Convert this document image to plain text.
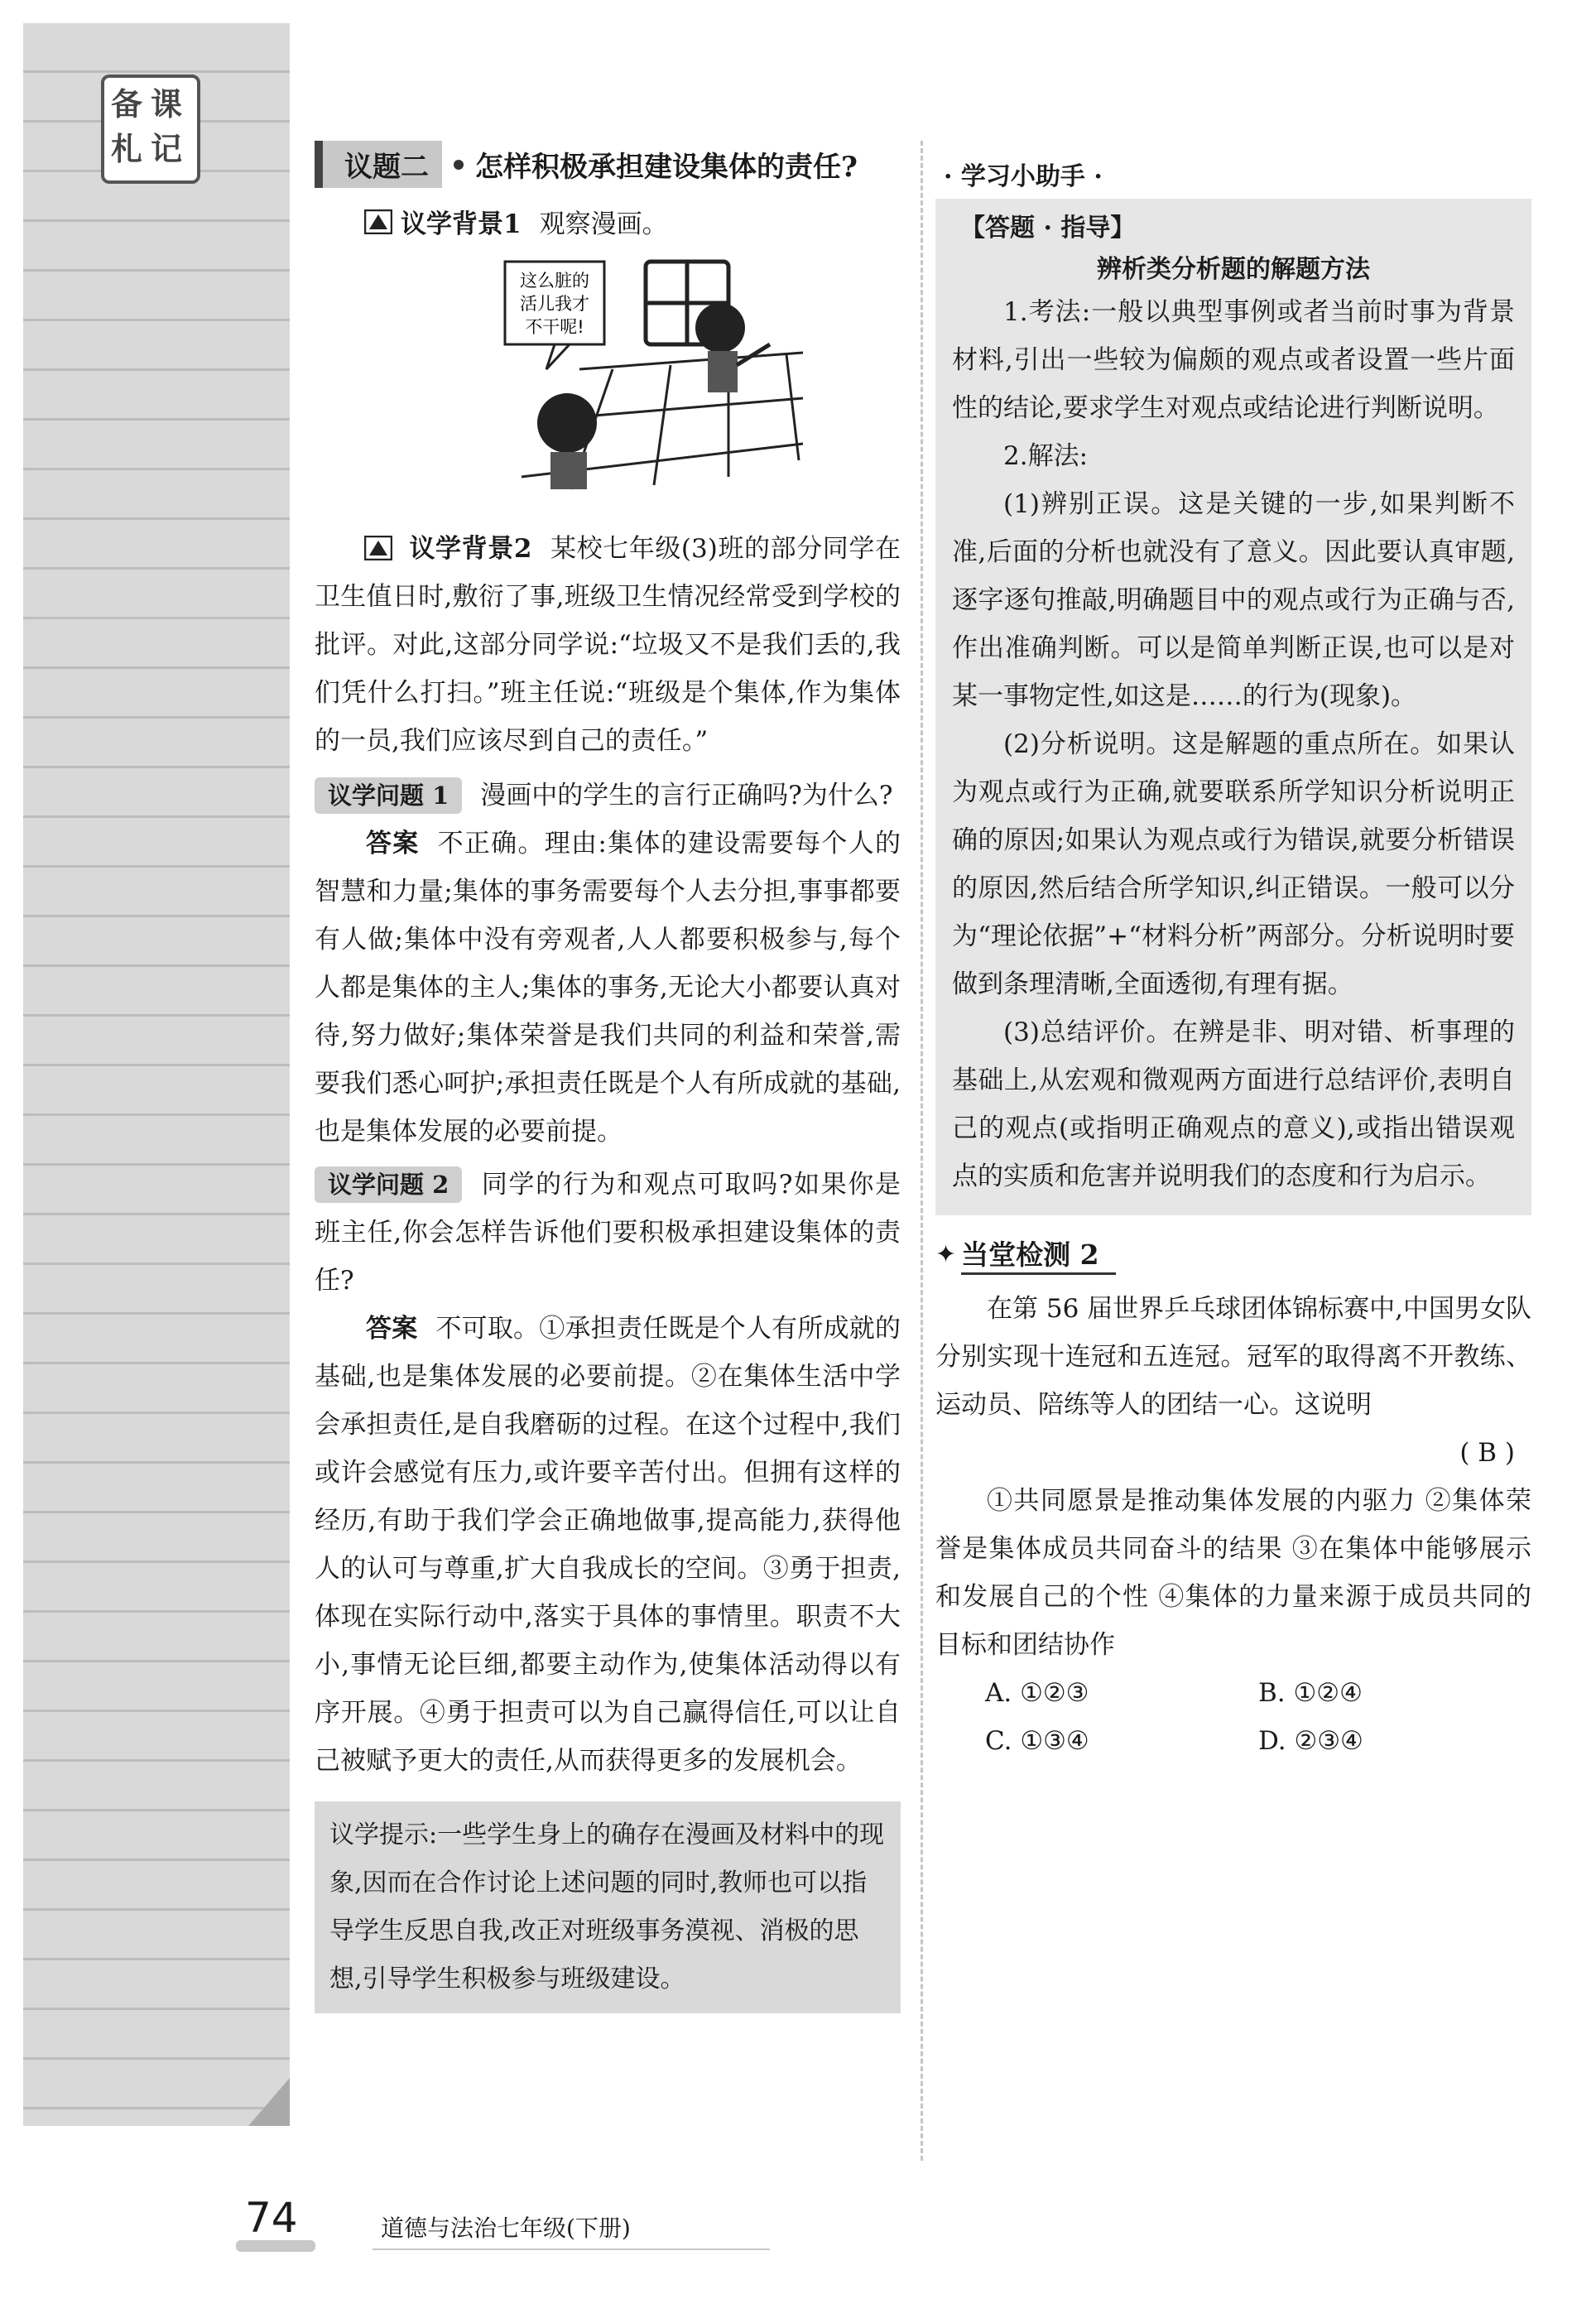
备 课
札 记	议题二	怎样积极承担建设集体的责任?
议学背景1 观察漫画。
这么脏的
活儿我才
不干呢!

议学背景2 某校七年级(3)班的部分同学在卫生值日时,敷衍了事,班级卫生情况经常受到学校的批评。对此,这部分同学说:“垃圾又不是我们丢的,我们凭什么打扫。”班主任说:“班级是个集体,作为集体的一员,我们应该尽到自己的责任。”

议学问题 1 漫画中的学生的言行正确吗?为什么?

答案 不正确。理由:集体的建设需要每个人的智慧和力量;集体的事务需要每个人去分担,事事都要有人做;集体中没有旁观者,人人都要积极参与,每个人都是集体的主人;集体的事务,无论大小都要认真对待,努力做好;集体荣誉是我们共同的利益和荣誉,需要我们悉心呵护;承担责任既是个人有所成就的基础,也是集体发展的必要前提。

议学问题 2 同学的行为和观点可取吗?如果你是班主任,你会怎样告诉他们要积极承担建设集体的责任?

答案 不可取。①承担责任既是个人有所成就的基础,也是集体发展的必要前提。②在集体生活中学会承担责任,是自我磨砺的过程。在这个过程中,我们或许会感觉有压力,或许要辛苦付出。但拥有这样的经历,有助于我们学会正确地做事,提高能力,获得他人的认可与尊重,扩大自我成长的空间。③勇于担责,体现在实际行动中,落实于具体的事情里。职责不大小,事情无论巨细,都要主动作为,使集体活动得以有序开展。④勇于担责可以为自己赢得信任,可以让自己被赋予更大的责任,从而获得更多的发展机会。

议学提示:一些学生身上的确存在漫画及材料中的现象,因而在合作讨论上述问题的同时,教师也可以指导学生反思自我,改正对班级事务漠视、消极的思想,引导学生积极参与班级建设。
· 学习小助手 ·
【答题 · 指导】
辨析类分析题的解题方法

1.考法:一般以典型事例或者当前时事为背景材料,引出一些较为偏颇的观点或者设置一些片面性的结论,要求学生对观点或结论进行判断说明。

2.解法:

(1)辨别正误。这是关键的一步,如果判断不准,后面的分析也就没有了意义。因此要认真审题,逐字逐句推敲,明确题目中的观点或行为正确与否,作出准确判断。可以是简单判断正误,也可以是对某一事物定性,如这是……的行为(现象)。

(2)分析说明。这是解题的重点所在。如果认为观点或行为正确,就要联系所学知识分析说明正确的原因;如果认为观点或行为错误,就要分析错误的原因,然后结合所学知识,纠正错误。一般可以分为“理论依据”+“材料分析”两部分。分析说明时要做到条理清晰,全面透彻,有理有据。

(3)总结评价。在辨是非、明对错、析事理的基础上,从宏观和微观两方面进行总结评价,表明自己的观点(或指明正确观点的意义),或指出错误观点的实质和危害并说明我们的态度和行为启示。

✦ 当堂检测 2

在第 56 届世界乒乓球团体锦标赛中,中国男女队分别实现十连冠和五连冠。冠军的取得离不开教练、运动员、陪练等人的团结一心。这说明

( B )

①共同愿景是推动集体发展的内驱力 ②集体荣誉是集体成员共同奋斗的结果 ③在集体中能够展示和发展自己的个性 ④集体的力量来源于成员共同的目标和团结协作

A. ①②③	B. ①②④
C. ①③④	D. ②③④
74	道德与法治七年级(下册)
